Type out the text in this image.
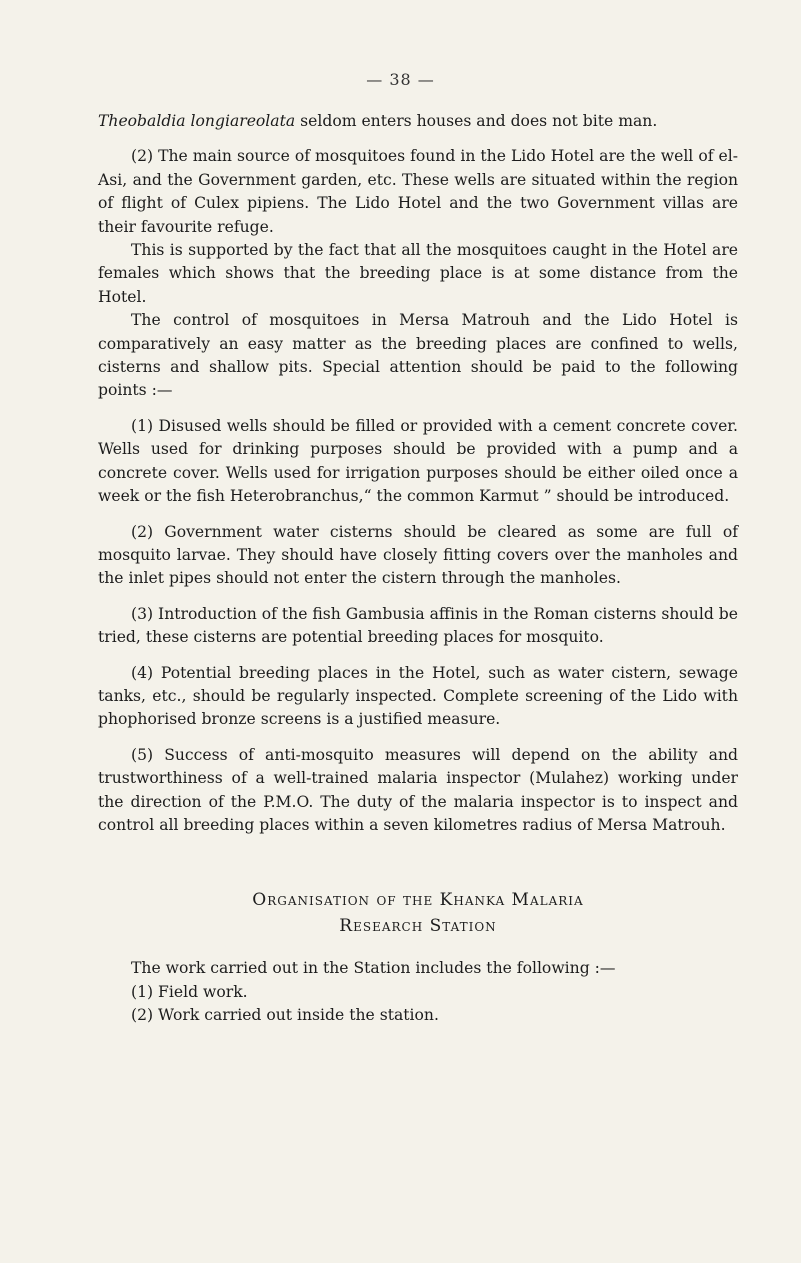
— 38 —

Theobaldia longiareolata seldom enters houses and does not bite man.

(2) The main source of mosquitoes found in the Lido Hotel are the well of el-Asi, and the Government garden, etc. These wells are situated within the region of flight of Culex pipiens. The Lido Hotel and the two Government villas are their favourite refuge.

This is supported by the fact that all the mosquitoes caught in the Hotel are females which shows that the breeding place is at some distance from the Hotel.

The control of mosquitoes in Mersa Matrouh and the Lido Hotel is comparatively an easy matter as the breeding places are confined to wells, cisterns and shallow pits. Special attention should be paid to the following points :—

(1) Disused wells should be filled or provided with a cement concrete cover. Wells used for drinking purposes should be provided with a pump and a concrete cover. Wells used for irrigation purposes should be either oiled once a week or the fish Heterobranchus,“ the common Karmut ” should be introduced.

(2) Government water cisterns should be cleared as some are full of mosquito larvae. They should have closely fitting covers over the manholes and the inlet pipes should not enter the cistern through the manholes.

(3) Introduction of the fish Gambusia affinis in the Roman cisterns should be tried, these cisterns are potential breeding places for mosquito.

(4) Potential breeding places in the Hotel, such as water cistern, sewage tanks, etc., should be regularly inspected. Complete screening of the Lido with phophorised bronze screens is a justified measure.

(5) Success of anti-mosquito measures will depend on the ability and trustworthiness of a well-trained malaria inspector (Mulahez) working under the direction of the P.M.O. The duty of the malaria inspector is to inspect and control all breeding places within a seven kilometres radius of Mersa Matrouh.

Organisation of the Khanka Malaria
Research Station

The work carried out in the Station includes the following :—

(1) Field work.

(2) Work carried out inside the station.
